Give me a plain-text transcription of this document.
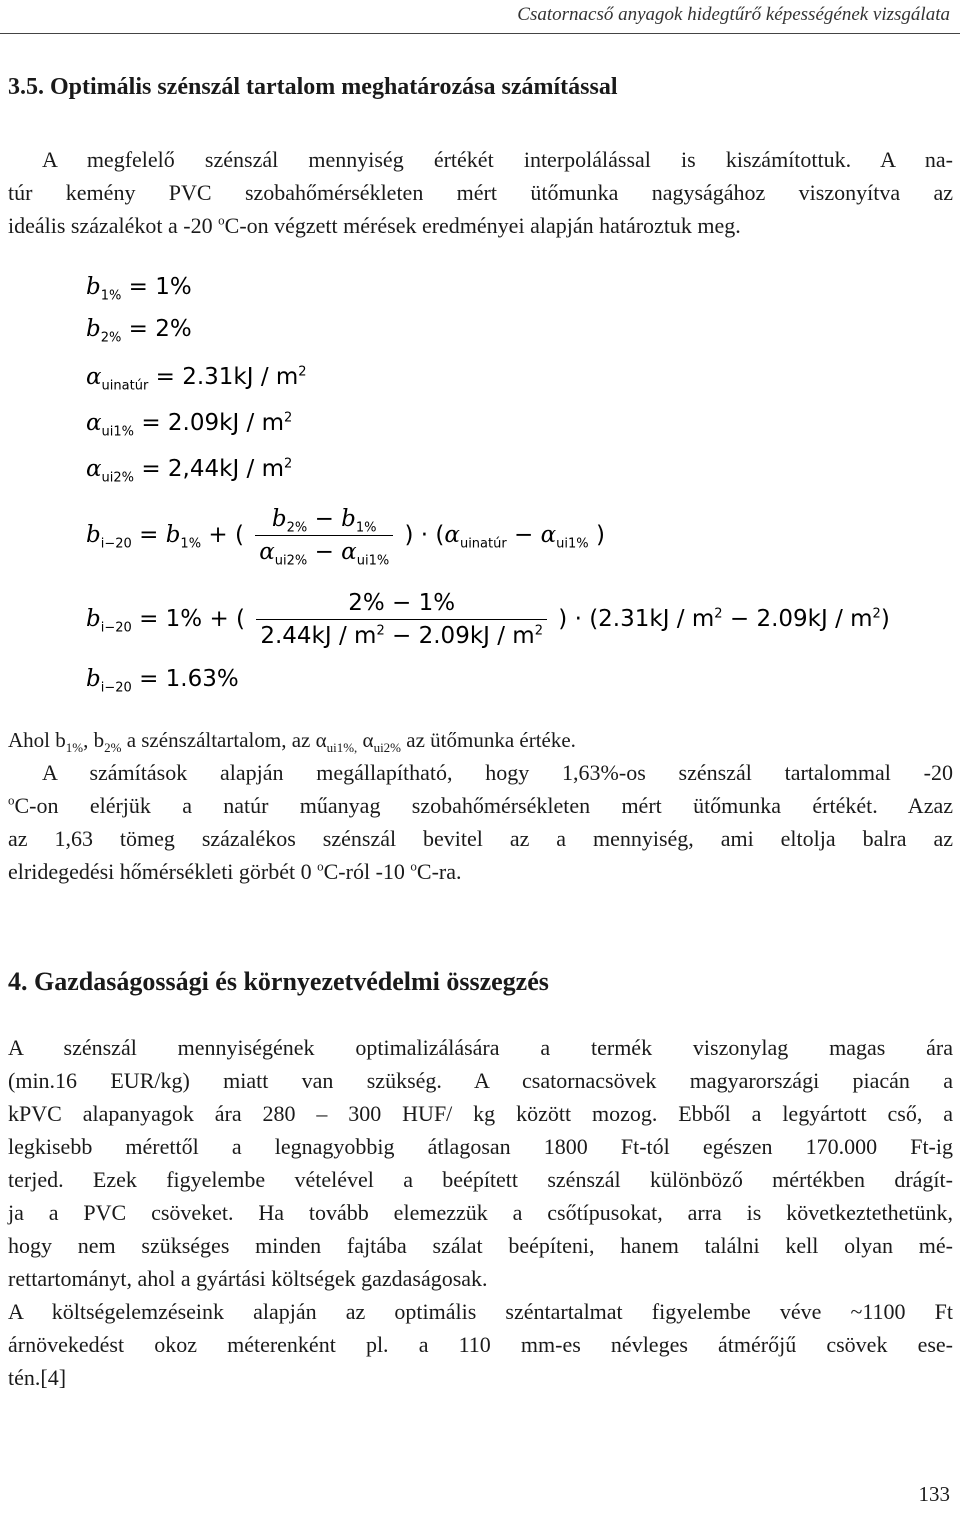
Csatornacső anyagok hidegtűrő képességének vizsgálata
3.5. Optimális szénszál tartalom meghatározása számítással
A megfelelő szénszál mennyiség értékét interpolálással is kiszámítottuk. A na-
túr kemény PVC szobahőmérsékleten mért ütőmunka nagyságához viszonyítva az
ideális százalékot a -20 $^o$C-on végzett mérések eredményei alapján határoztuk meg.
$b_{1\%} = 1\%$
$b_{2\%} = 2\%$
$\alpha_{uinatúr} = 2.31kJ / m^2$
$\alpha_{ui1\%} = 2.09kJ / m^2$
$\alpha_{ui2\%} = 2,44kJ / m^2$
$b_{i-20} = b_{1\%}$ + ( $\frac{b_{2\%} - b_{1\%}}{\alpha_{ui2\%} - \alpha_{ui1\%}}$ ) · ($\alpha_{uinatúr} - \alpha_{ui1\%}$ )
$b_{i-20} = 1\%$ + ( $\frac{2\% - 1\%}{2.44kJ / m^2 - 2.09kJ / m^2}$ ) · $(2.31kJ / m^2 - 2.09kJ / m^2)$
$b_{i-20} = 1.63\%$
Ahol $b_{1\%}$, $b_{2\%}$ a szénszáltartalom, az $\alpha_{ui1\%,}$ $\alpha_{ui2\%}$ az ütőmunka értéke.
A számítások alapján megállapítható, hogy 1,63%-os szénszál tartalommal -20
$^o$C-on elérjük a natúr műanyag szobahőmérsékleten mért ütőmunka értékét. Azaz
az 1,63 tömeg százalékos szénszál bevitel az a mennyiség, ami eltolja balra az
elridegedési hőmérsékleti görbét 0 $^o$C-ról -10 $^o$C-ra.
4. Gazdaságossági és környezetvédelmi összegzés
A szénszál mennyiségének optimalizálására a termék viszonylag magas ára
(min.16 EUR/kg) miatt van szükség. A csatornacsövek magyarországi piacán a
kPVC alapanyagok ára 280 – 300 HUF/ kg között mozog. Ebből a legyártott cső, a
legkisebb mérettől a legnagyobbig átlagosan 1800 Ft-tól egészen 170.000 Ft-ig
terjed. Ezek figyelembe vételével a beépített szénszál különböző mértékben drágít-
ja a PVC csöveket. Ha tovább elemezzük a csőtípusokat, arra is következtethetünk,
hogy nem szükséges minden fajtába szálat beépíteni, hanem találni kell olyan mé-
rettartományt, ahol a gyártási költségek gazdaságosak.
A költségelemzéseink alapján az optimális széntartalmat figyelembe véve ~1100 Ft
árnövekedést okoz méterenként pl. a 110 mm-es névleges átmérőjű csövek ese-
tén.[4]
133
